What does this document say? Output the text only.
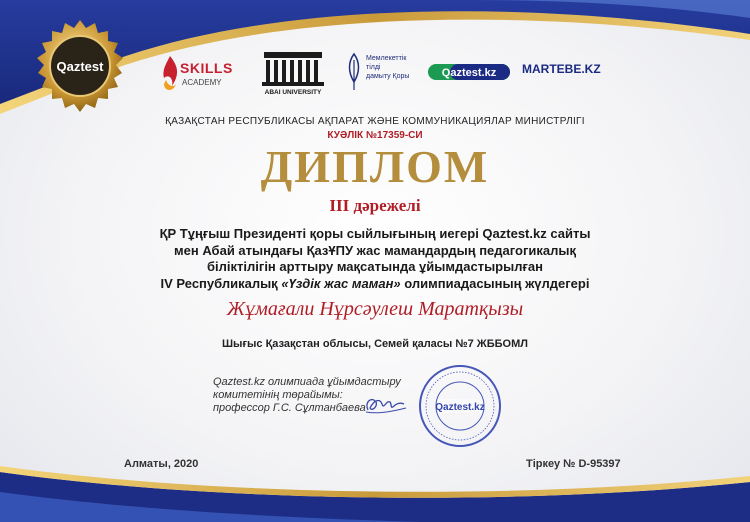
Qaztest	SKILLS
ACADEMY
ABAI UNIVERSITY
Мемлекеттік
тілді
дамыту Қоры	Qaztest.kz MARTEBE.KZ
ҚАЗАҚСТАН РЕСПУБЛИКАСЫ АҚПАРАТ ЖӘНЕ КОММУНИКАЦИЯЛАР МИНИСТРЛІГІ
КУӘЛІК №17359-СИ
ДИПЛОМ
III дәрежелі
ҚР Тұңғыш Президенті қоры сыйлығының иегері Qaztest.kz сайты
мен Абай атындағы ҚазҰПУ жас мамандардың педагогикалық
біліктілігін арттыру мақсатында ұйымдастырылған
IV Республикалық «Үздік жас маман» олимпиадасының жүлдегері
Жұмағали Нұрсәулеш Маратқызы
Шығыс Қазақстан облысы, Семей қаласы №7 ЖББОМЛ
Qaztest.kz олимпиада ұйымдастыру
комитетінің төрайымы:
профессор Г.С. Сұлтанбаева	Qaztest.kz
Алматы, 2020	Тіркеу № D-95397
